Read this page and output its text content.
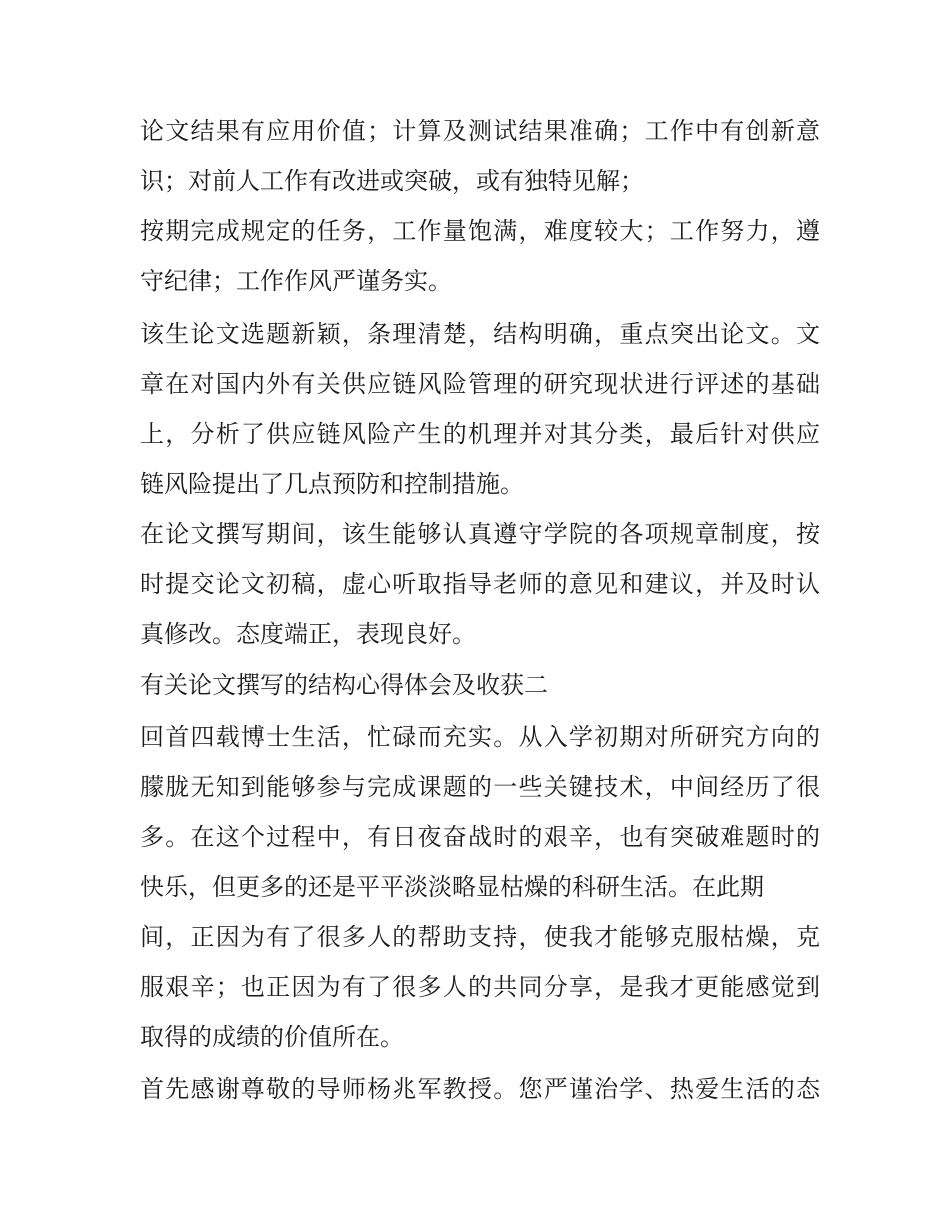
论文结果有应用价值；计算及测试结果准确；工作中有创新意
识；对前人工作有改进或突破，或有独特见解；
按期完成规定的任务，工作量饱满，难度较大；工作努力，遵
守纪律；工作作风严谨务实。
该生论文选题新颖，条理清楚，结构明确，重点突出论文。文
章在对国内外有关供应链风险管理的研究现状进行评述的基础
上，分析了供应链风险产生的机理并对其分类，最后针对供应
链风险提出了几点预防和控制措施。
在论文撰写期间，该生能够认真遵守学院的各项规章制度，按
时提交论文初稿，虚心听取指导老师的意见和建议，并及时认
真修改。态度端正，表现良好。
有关论文撰写的结构心得体会及收获二
回首四载博士生活，忙碌而充实。从入学初期对所研究方向的
朦胧无知到能够参与完成课题的一些关键技术，中间经历了很
多。在这个过程中，有日夜奋战时的艰辛，也有突破难题时的
快乐，但更多的还是平平淡淡略显枯燥的科研生活。在此期
间，正因为有了很多人的帮助支持，使我才能够克服枯燥，克
服艰辛；也正因为有了很多人的共同分享，是我才更能感觉到
取得的成绩的价值所在。
首先感谢尊敬的导师杨兆军教授。您严谨治学、热爱生活的态
